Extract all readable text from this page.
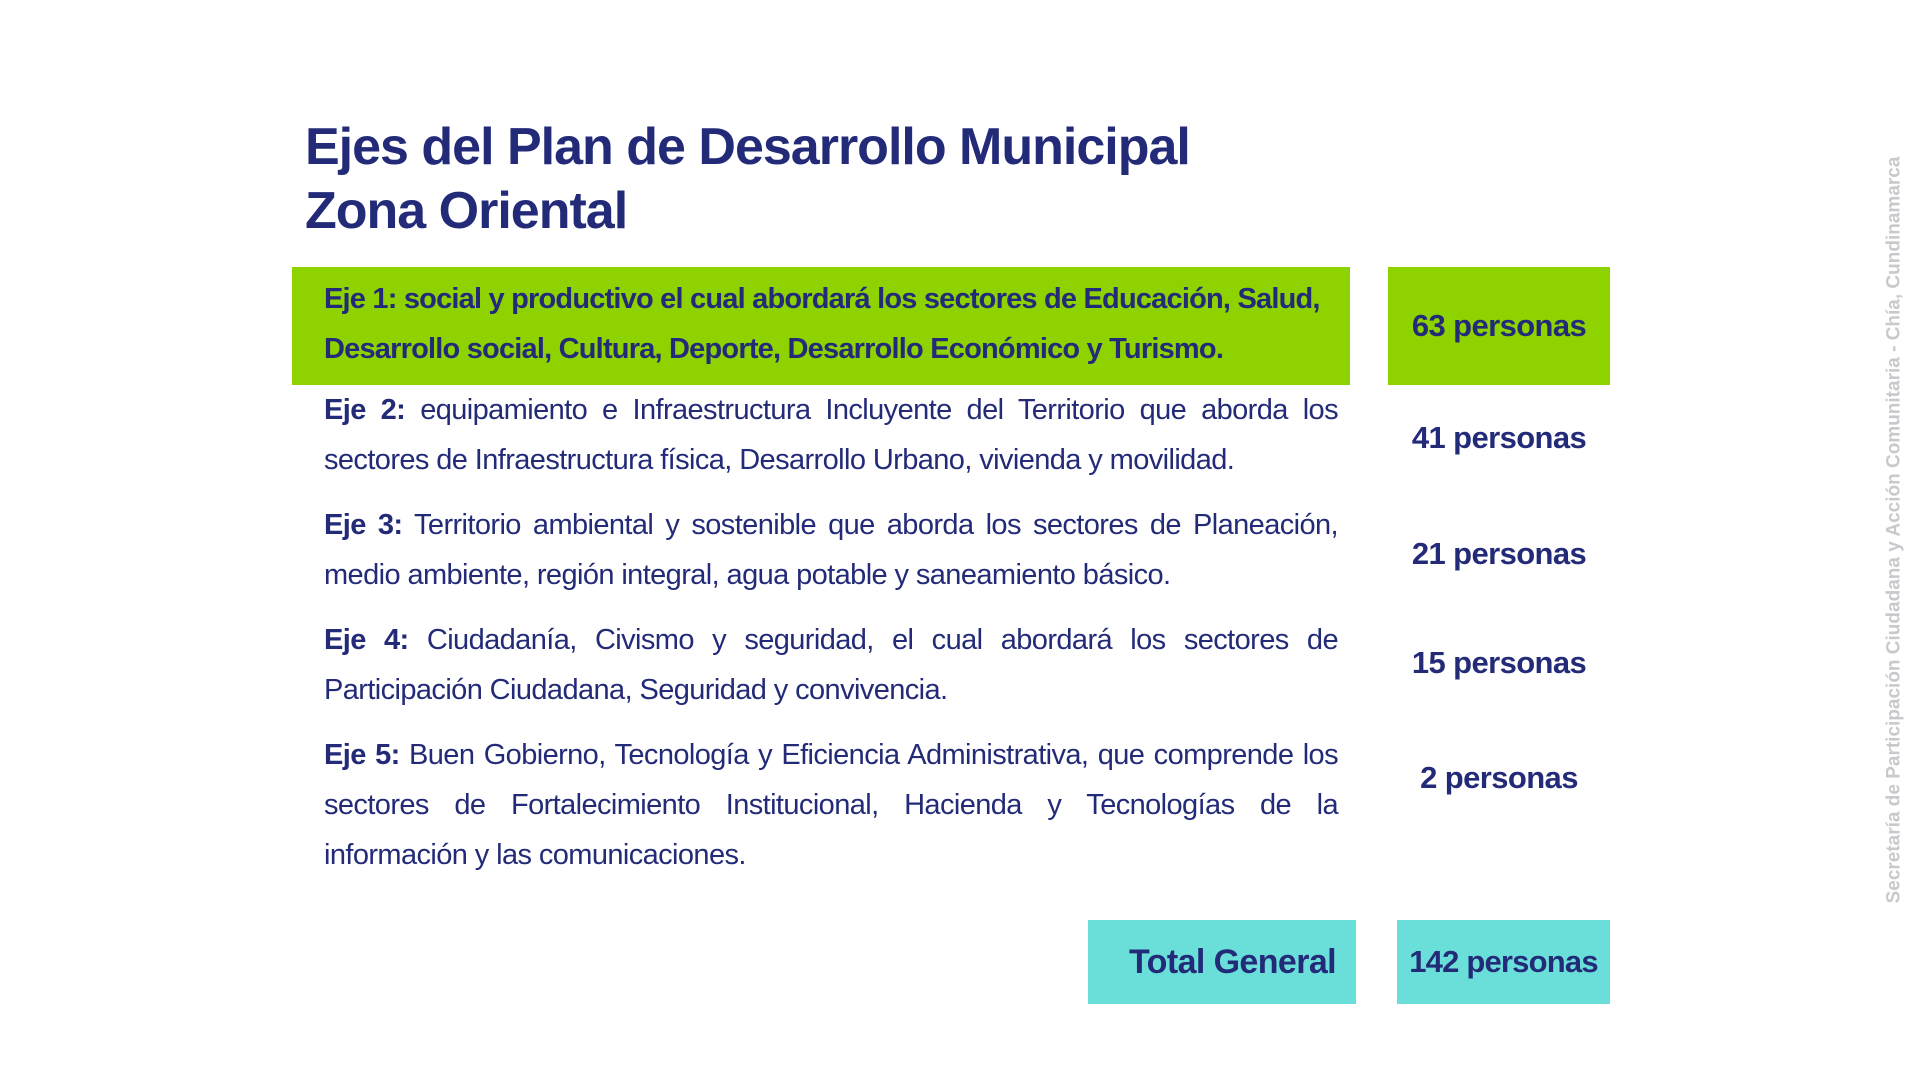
Ejes del Plan de Desarrollo Municipal
Zona Oriental
Eje 1: social y productivo el cual abordará los sectores de Educación, Salud, Desarrollo social, Cultura, Deporte, Desarrollo Económico y Turismo.
63 personas
Eje 2: equipamiento e Infraestructura Incluyente del Territorio que aborda los sectores de Infraestructura física, Desarrollo Urbano, vivienda y movilidad.
41 personas
Eje 3: Territorio ambiental y sostenible que aborda los sectores de Planeación, medio ambiente, región integral, agua potable y saneamiento básico.
21 personas
Eje 4: Ciudadanía, Civismo y seguridad, el cual abordará los sectores de Participación Ciudadana, Seguridad y convivencia.
15 personas
Eje 5: Buen Gobierno, Tecnología y Eficiencia Administrativa, que comprende los sectores de Fortalecimiento Institucional, Hacienda y Tecnologías de la información y las comunicaciones.
2 personas
Total General	142 personas
Secretaría de Participación Ciudadana y Acción Comunitaria - Chía, Cundinamarca
